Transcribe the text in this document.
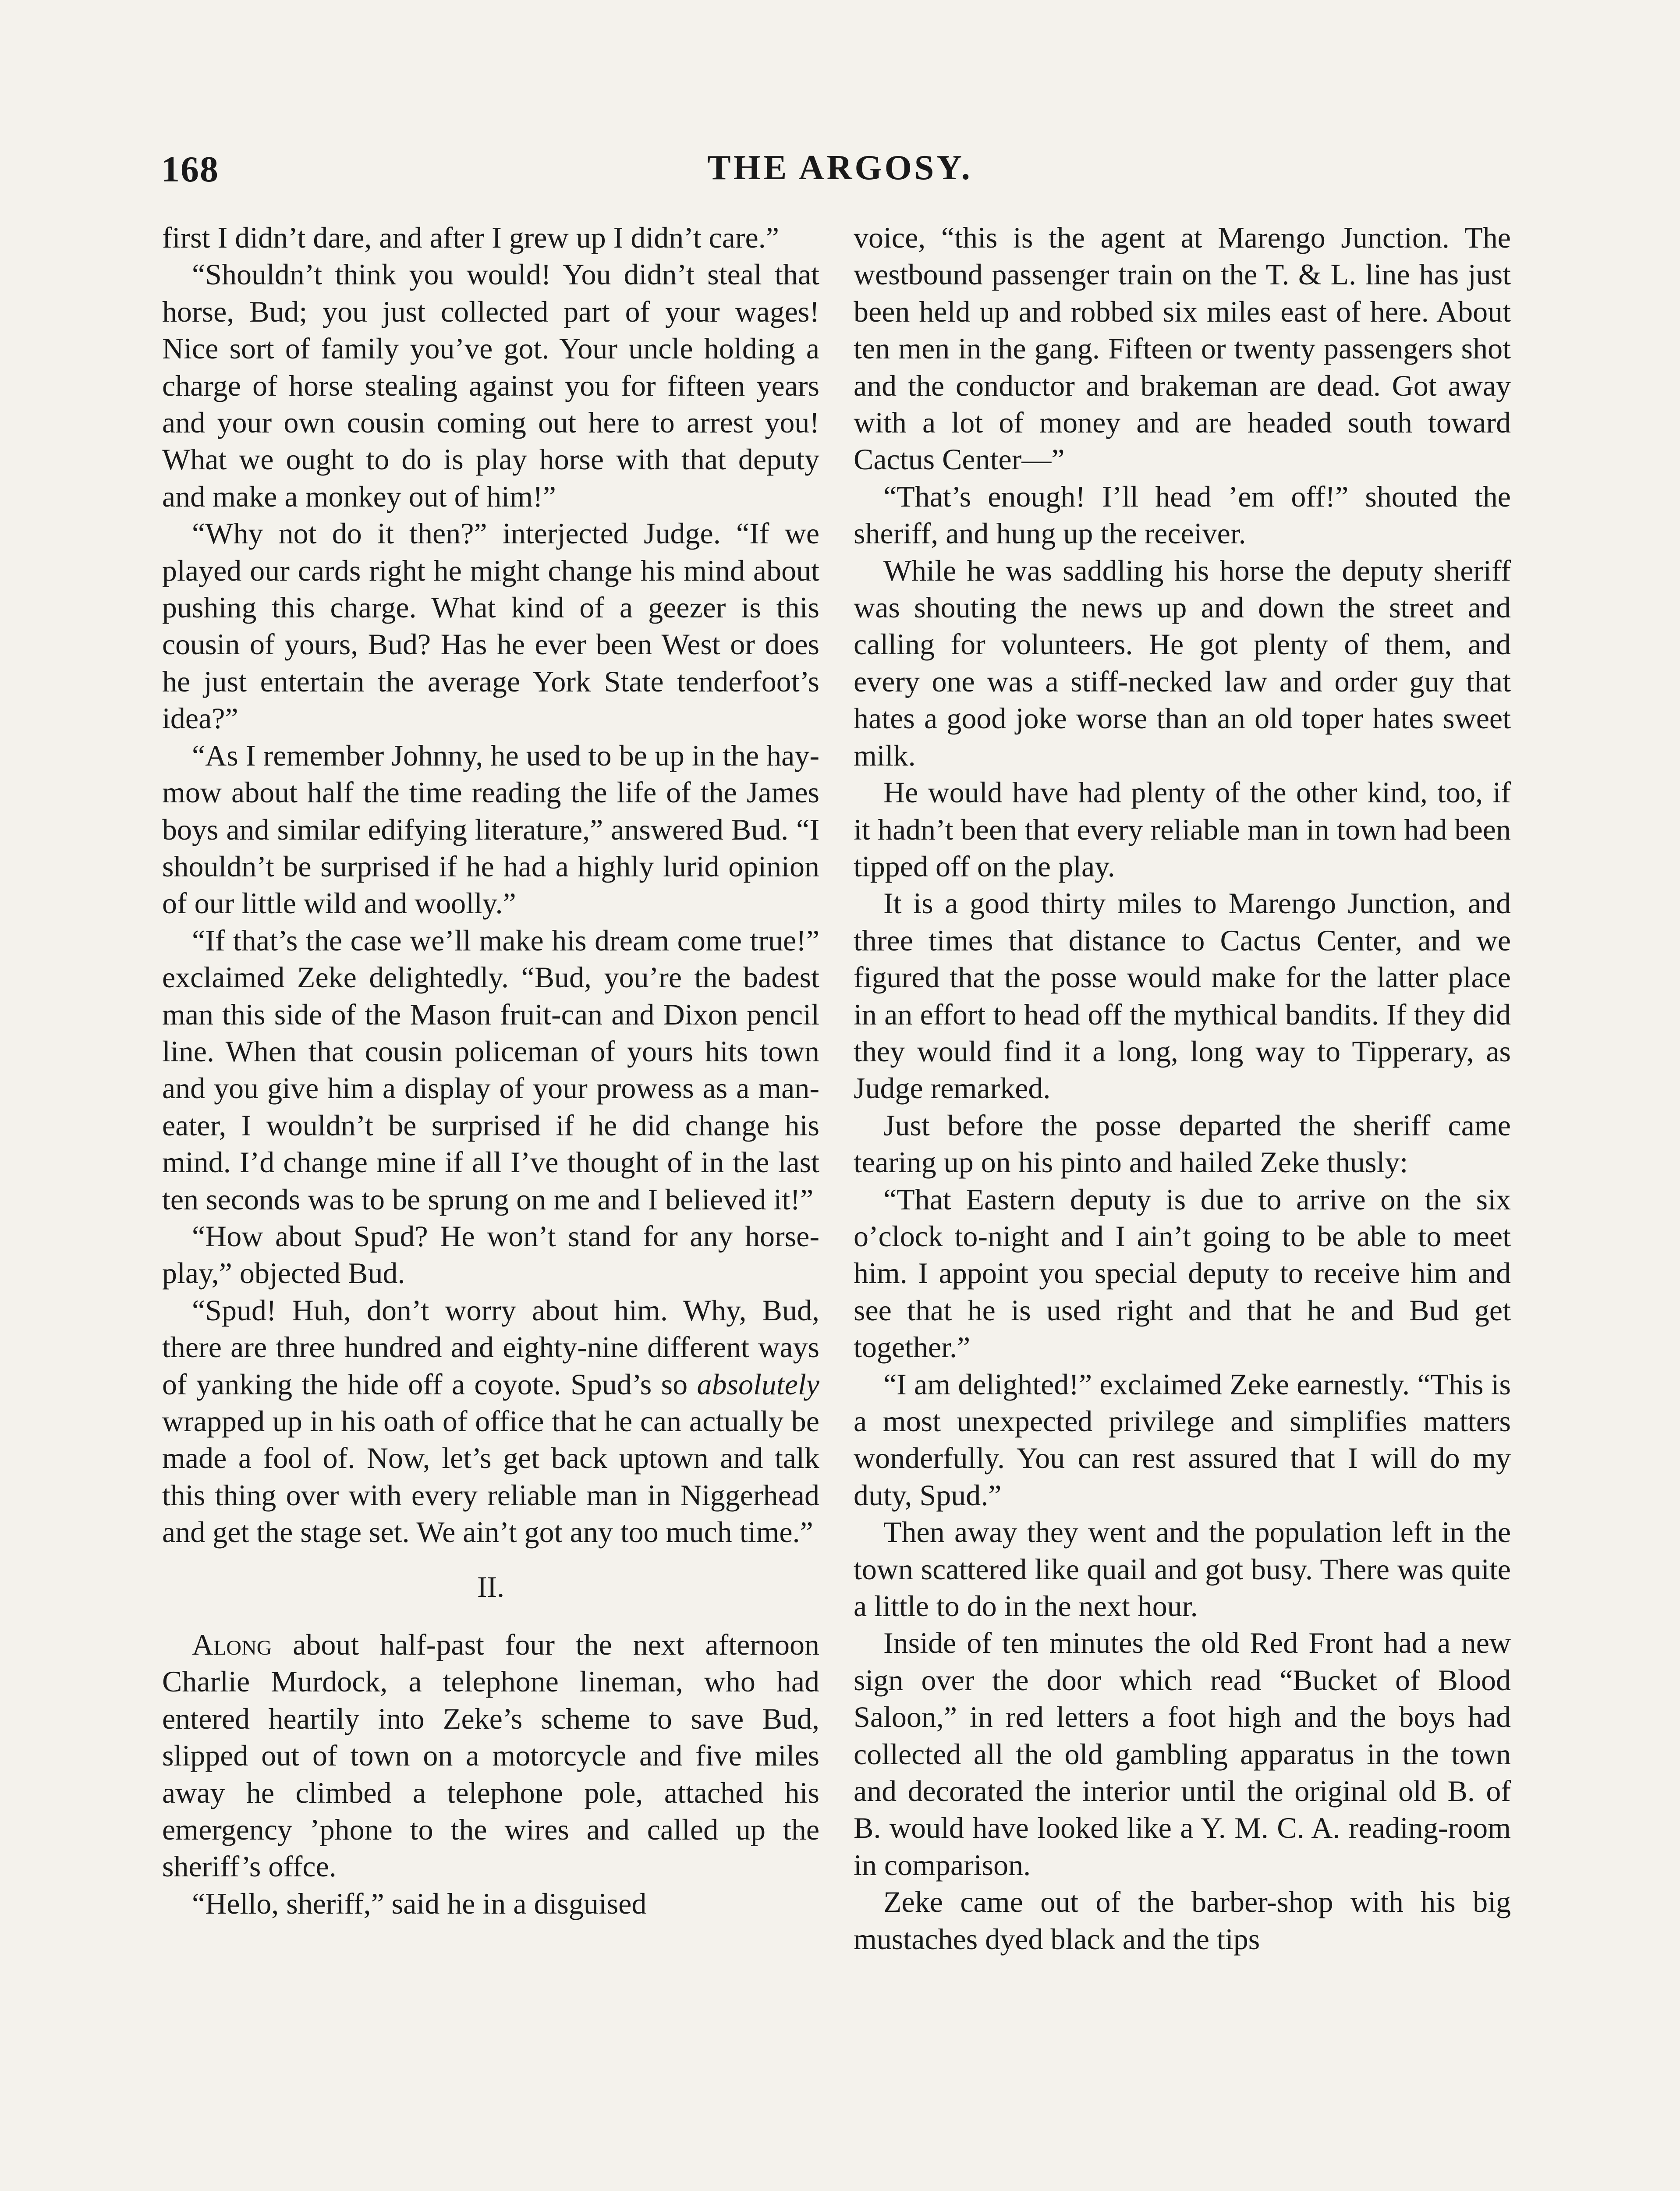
168	THE ARGOSY.

first I didn’t dare, and after I grew up I didn’t care.”

“Shouldn’t think you would! You didn’t steal that horse, Bud; you just collected part of your wages! Nice sort of family you’ve got. Your uncle holding a charge of horse stealing against you for fifteen years and your own cousin coming out here to arrest you! What we ought to do is play horse with that deputy and make a monkey out of him!”

“Why not do it then?” interjected Judge. “If we played our cards right he might change his mind about pushing this charge. What kind of a geezer is this cousin of yours, Bud? Has he ever been West or does he just entertain the average York State tenderfoot’s idea?”

“As I remember Johnny, he used to be up in the hay-mow about half the time reading the life of the James boys and similar edifying literature,” answered Bud. “I shouldn’t be surprised if he had a highly lurid opinion of our little wild and woolly.”

“If that’s the case we’ll make his dream come true!” exclaimed Zeke delightedly. “Bud, you’re the badest man this side of the Mason fruit-can and Dixon pencil line. When that cousin policeman of yours hits town and you give him a display of your prowess as a man-eater, I wouldn’t be surprised if he did change his mind. I’d change mine if all I’ve thought of in the last ten seconds was to be sprung on me and I believed it!”

“How about Spud? He won’t stand for any horse-play,” objected Bud.

“Spud! Huh, don’t worry about him. Why, Bud, there are three hundred and eighty-nine different ways of yanking the hide off a coyote. Spud’s so absolutely wrapped up in his oath of office that he can actually be made a fool of. Now, let’s get back uptown and talk this thing over with every reliable man in Niggerhead and get the stage set. We ain’t got any too much time.”

II.

Along about half-past four the next afternoon Charlie Murdock, a telephone lineman, who had entered heartily into Zeke’s scheme to save Bud, slipped out of town on a motorcycle and five miles away he climbed a telephone pole, attached his emergency ’phone to the wires and called up the sheriff’s offce.

“Hello, sheriff,” said he in a disguised

voice, “this is the agent at Marengo Junction. The westbound passenger train on the T. & L. line has just been held up and robbed six miles east of here. About ten men in the gang. Fifteen or twenty passengers shot and the conductor and brakeman are dead. Got away with a lot of money and are headed south toward Cactus Center—”

“That’s enough! I’ll head ’em off!” shouted the sheriff, and hung up the receiver.

While he was saddling his horse the deputy sheriff was shouting the news up and down the street and calling for volunteers. He got plenty of them, and every one was a stiff-necked law and order guy that hates a good joke worse than an old toper hates sweet milk.

He would have had plenty of the other kind, too, if it hadn’t been that every reliable man in town had been tipped off on the play.

It is a good thirty miles to Marengo Junction, and three times that distance to Cactus Center, and we figured that the posse would make for the latter place in an effort to head off the mythical bandits. If they did they would find it a long, long way to Tipperary, as Judge remarked.

Just before the posse departed the sheriff came tearing up on his pinto and hailed Zeke thusly:

“That Eastern deputy is due to arrive on the six o’clock to-night and I ain’t going to be able to meet him. I appoint you special deputy to receive him and see that he is used right and that he and Bud get together.”

“I am delighted!” exclaimed Zeke earnestly. “This is a most unexpected privilege and simplifies matters wonderfully. You can rest assured that I will do my duty, Spud.”

Then away they went and the population left in the town scattered like quail and got busy. There was quite a little to do in the next hour.

Inside of ten minutes the old Red Front had a new sign over the door which read “Bucket of Blood Saloon,” in red letters a foot high and the boys had collected all the old gambling apparatus in the town and decorated the interior until the original old B. of B. would have looked like a Y. M. C. A. reading-room in comparison.

Zeke came out of the barber-shop with his big mustaches dyed black and the tips
